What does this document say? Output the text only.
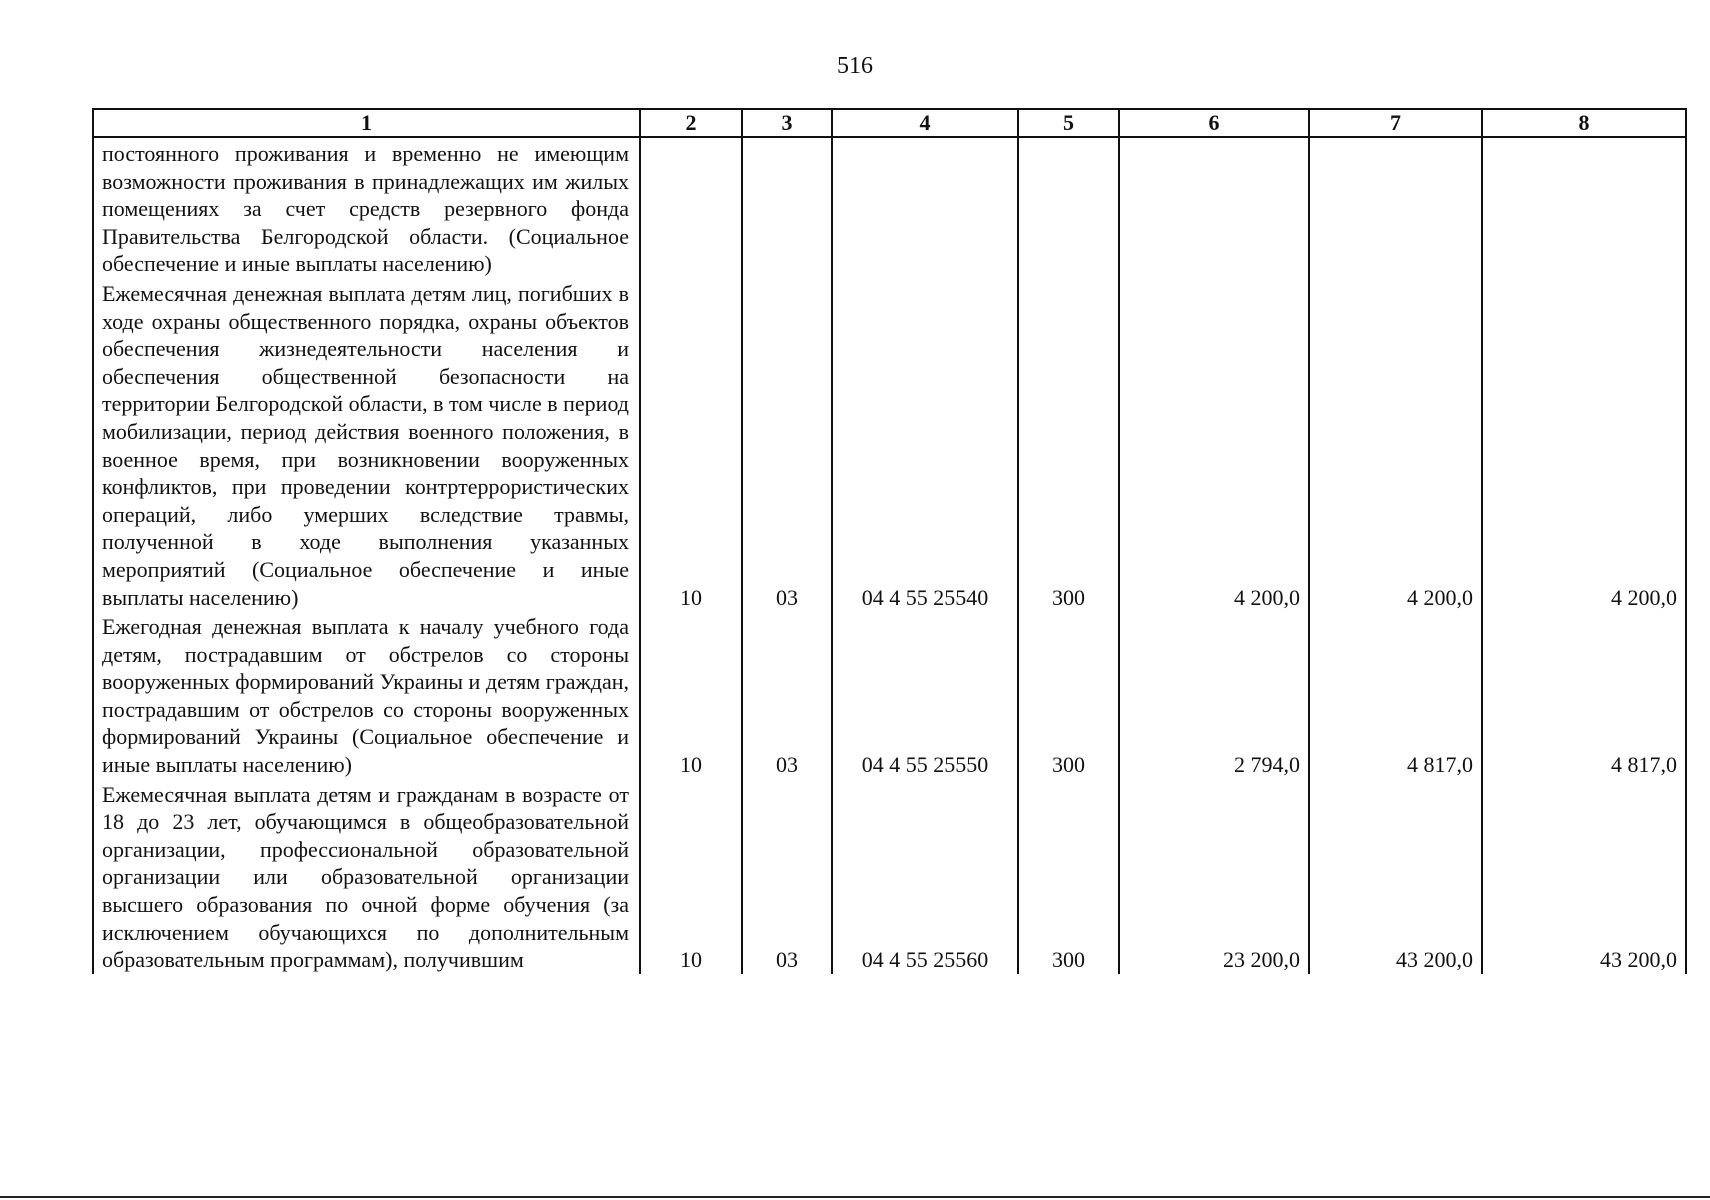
516
1	2	3	4	5	6	7	8
постоянного проживания и временно не имеющим возможности проживания в принадлежащих им жилых помещениях за счет средств резервного фонда Правительства Белгородской области. (Социальное обеспечение и иные выплаты населению)							
Ежемесячная денежная выплата детям лиц, погибших в ходе охраны общественного порядка, охраны объектов обеспечения жизнедеятельности населения и обеспечения общественной безопасности на территории Белгородской области, в том числе в период мобилизации, период действия военного положения, в военное время, при возникновении вооруженных конфликтов, при проведении контртеррористических операций, либо умерших вследствие травмы, полученной в ходе выполнения указанных мероприятий (Социальное обеспечение и иные выплаты населению)	10	03	04 4 55 25540	300	4 200,0	4 200,0	4 200,0
Ежегодная денежная выплата к началу учебного года детям, пострадавшим от обстрелов со стороны вооруженных формирований Украины и детям граждан, пострадавшим от обстрелов со стороны вооруженных формирований Украины (Социальное обеспечение и иные выплаты населению)	10	03	04 4 55 25550	300	2 794,0	4 817,0	4 817,0
Ежемесячная выплата детям и гражданам в возрасте от 18 до 23 лет, обучающимся в общеобразовательной организации, профессиональной образовательной организации или образовательной организации высшего образования по очной форме обучения (за исключением обучающихся по дополнительным образовательным программам), получившим	10	03	04 4 55 25560	300	23 200,0	43 200,0	43 200,0
